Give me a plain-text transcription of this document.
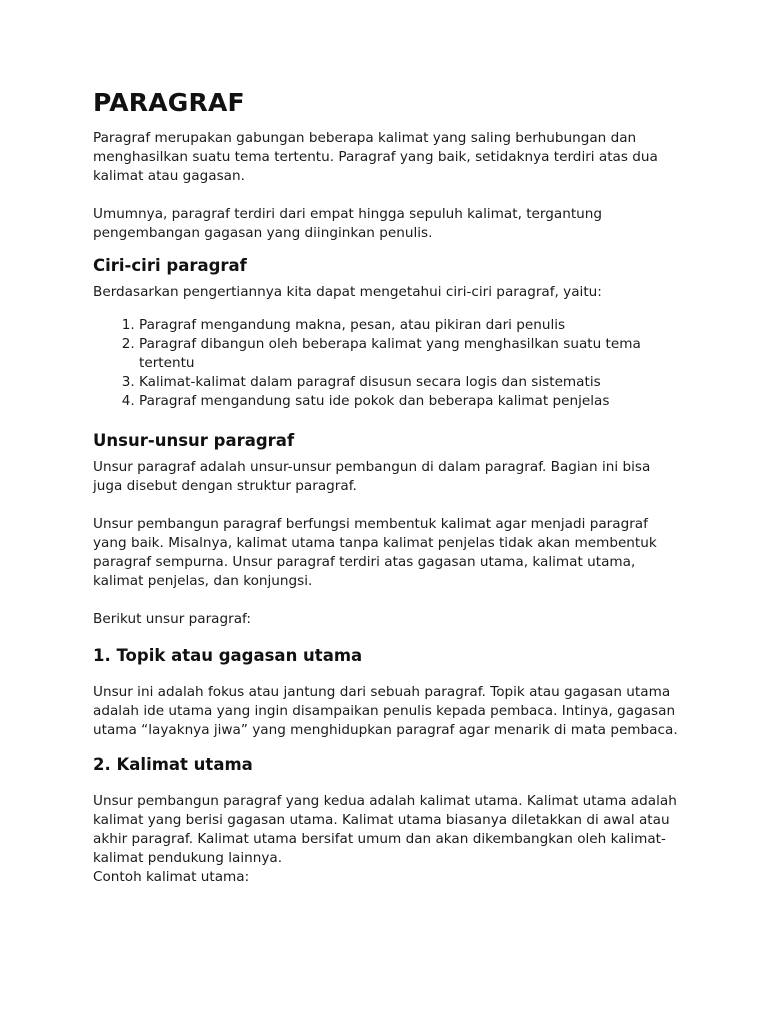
PARAGRAF

Paragraf merupakan gabungan beberapa kalimat yang saling berhubungan dan menghasilkan suatu tema tertentu. Paragraf yang baik, setidaknya terdiri atas dua kalimat atau gagasan.

Umumnya, paragraf terdiri dari empat hingga sepuluh kalimat, tergantung pengembangan gagasan yang diinginkan penulis.

Ciri-ciri paragraf

Berdasarkan pengertiannya kita dapat mengetahui ciri-ciri paragraf, yaitu:

1. Paragraf mengandung makna, pesan, atau pikiran dari penulis
2. Paragraf dibangun oleh beberapa kalimat yang menghasilkan suatu tema tertentu
3. Kalimat-kalimat dalam paragraf disusun secara logis dan sistematis
4. Paragraf mengandung satu ide pokok dan beberapa kalimat penjelas
Unsur-unsur paragraf

Unsur paragraf adalah unsur-unsur pembangun di dalam paragraf. Bagian ini bisa juga disebut dengan struktur paragraf.

Unsur pembangun paragraf berfungsi membentuk kalimat agar menjadi paragraf yang baik. Misalnya, kalimat utama tanpa kalimat penjelas tidak akan membentuk paragraf sempurna. Unsur paragraf terdiri atas gagasan utama, kalimat utama, kalimat penjelas, dan konjungsi.

Berikut unsur paragraf:

1. Topik atau gagasan utama

Unsur ini adalah fokus atau jantung dari sebuah paragraf. Topik atau gagasan utama adalah ide utama yang ingin disampaikan penulis kepada pembaca. Intinya, gagasan utama “layaknya jiwa” yang menghidupkan paragraf agar menarik di mata pembaca.

2. Kalimat utama

Unsur pembangun paragraf yang kedua adalah kalimat utama. Kalimat utama adalah kalimat yang berisi gagasan utama. Kalimat utama biasanya diletakkan di awal atau akhir paragraf. Kalimat utama bersifat umum dan akan dikembangkan oleh kalimat-kalimat pendukung lainnya.

Contoh kalimat utama:
